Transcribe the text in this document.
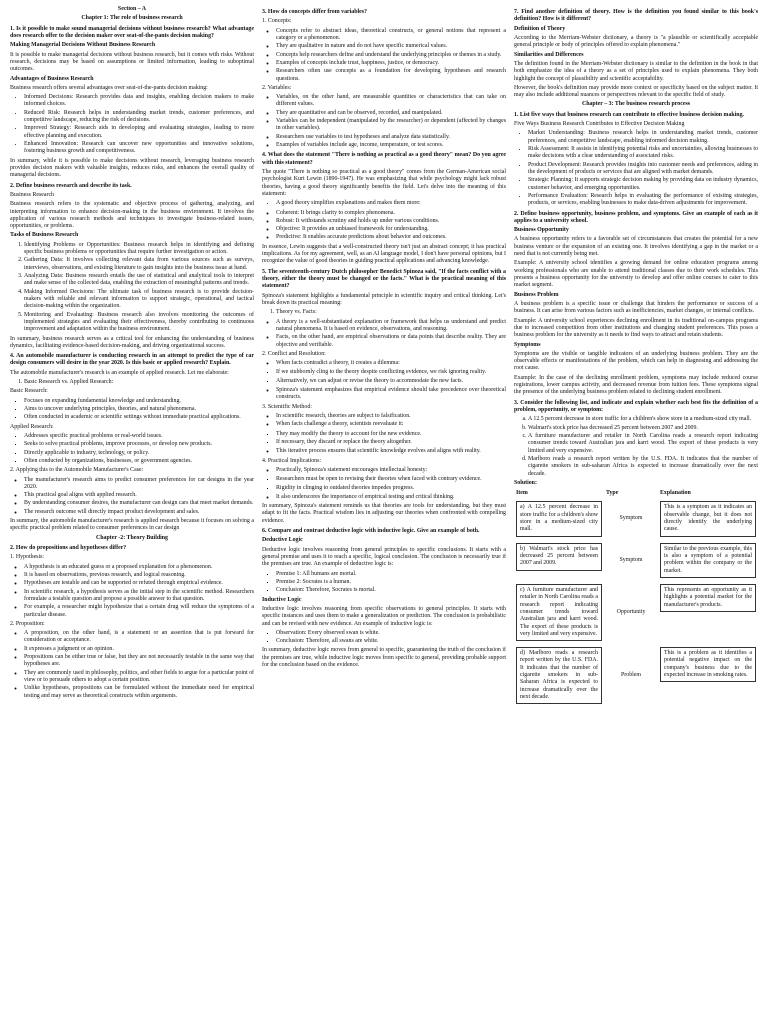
Section – A

Chapter 1: The role of business research

1. Is it possible to make sound managerial decisions without business research? What advantage does research offer to the decision maker over seat-of-the-pants decision making?

Making Managerial Decisions Without Business Research

It is possible to make managerial decisions without business research, but it comes with risks. Without research, decisions may be based on assumptions or limited information, leading to suboptimal outcomes.

Advantages of Business Research

Business research offers several advantages over seat-of-the-pants decision making:

• Informed Decisions: Research provides data and insights, enabling decision makers to make informed choices.
• Reduced Risk: Research helps in understanding market trends, customer preferences, and competitive landscape, reducing the risk of decisions.
• Improved Strategy: Research aids in developing and evaluating strategies, leading to more effective planning and execution.
• Enhanced Innovation: Research can uncover new opportunities and innovative solutions, fostering business growth and competitiveness.

In summary, while it is possible to make decisions without research, leveraging business research provides decision makers with valuable insights, reduces risks, and enhances the overall quality of managerial decisions.

2. Define business research and describe its task.

Business Research

Business research refers to the systematic and objective process of gathering, analyzing, and interpreting information to enhance decision-making in the business environment. It involves the application of various research methods and techniques to investigate business-related issues, opportunities, or problems.

Tasks of Business Research

1. Identifying Problems or Opportunities: Business research helps in identifying and defining specific business problems or opportunities that require further investigation or action.
2. Gathering Data: It involves collecting relevant data from various sources such as surveys, interviews, observations, and existing literature to gain insights into the business issue at hand.
3. Analyzing Data: Business research entails the use of statistical and analytical tools to interpret and make sense of the collected data, enabling the extraction of meaningful patterns and trends.
4. Making Informed Decisions: The ultimate task of business research is to provide decision-makers with reliable and relevant information to support strategic, operational, and tactical decision-making within the organization.
5. Monitoring and Evaluating: Business research also involves monitoring the outcomes of implemented strategies and evaluating their effectiveness, thereby contributing to continuous improvement and adaptation within the business environment.

In summary, business research serves as a critical tool for enhancing the understanding of business dynamics, facilitating evidence-based decision-making, and driving organizational success.

4. An automobile manufacturer is conducting research in an attempt to predict the type of car design consumers will desire in the year 2020. Is this basic or applied research? Explain.

The automobile manufacturer's research is an example of applied research. Let me elaborate:

1. Basic Research vs. Applied Research:

Basic Research:

▪ Focuses on expanding fundamental knowledge and understanding.
▪ Aims to uncover underlying principles, theories, and natural phenomena.
▪ Often conducted in academic or scientific settings without immediate practical applications.

Applied Research:

▪ Addresses specific practical problems or real-world issues.
▪ Seeks to solve practical problems, improve processes, or develop new products.
▪ Directly applicable to industry, technology, or policy.
▪ Often conducted by organizations, businesses, or government agencies.

2. Applying this to the Automobile Manufacturer's Case:

◦ The manufacturer's research aims to predict consumer preferences for car designs in the year 2020.
◦ This practical goal aligns with applied research.
◦ By understanding consumer desires, the manufacturer can design cars that meet market demands.
◦ The research outcome will directly impact product development and sales.

In summary, the automobile manufacturer's research is applied research because it focuses on solving a specific practical problem related to consumer preferences in car design

Chapter -2: Theory Building

2. How do propositions and hypotheses differ?

1. Hypothesis:

◦ A hypothesis is an educated guess or a proposed explanation for a phenomenon.
◦ It is based on observations, previous research, and logical reasoning.
◦ Hypotheses are testable and can be supported or refuted through empirical evidence.
◦ In scientific research, a hypothesis serves as the initial step in the scientific method. Researchers formulate a testable question and propose a possible answer to that question.
◦ For example, a researcher might hypothesize that a certain drug will reduce the symptoms of a particular disease.

2. Proposition:

◦ A proposition, on the other hand, is a statement or an assertion that is put forward for consideration or acceptance.
◦ It expresses a judgment or an opinion.
◦ Propositions can be either true or false, but they are not necessarily testable in the same way that hypotheses are.
◦ They are commonly used in philosophy, politics, and other fields to argue for a particular point of view or to persuade others to adopt a certain position.
◦ Unlike hypotheses, propositions can be formulated without the immediate need for empirical testing and may serve as theoretical constructs within arguments.

3. How do concepts differ from variables?

1. Concepts:

◦ Concepts refer to abstract ideas, theoretical constructs, or general notions that represent a category or a phenomenon.
◦ They are qualitative in nature and do not have specific numerical values.
◦ Concepts help researchers define and understand the underlying principles or themes in a study.
◦ Examples of concepts include trust, happiness, justice, or democracy.
◦ Researchers often use concepts as a foundation for developing hypotheses and research questions.

2. Variables:

◦ Variables, on the other hand, are measurable quantities or characteristics that can take on different values.
◦ They are quantitative and can be observed, recorded, and manipulated.
◦ Variables can be independent (manipulated by the researcher) or dependent (affected by changes in other variables).
◦ Researchers use variables to test hypotheses and analyze data statistically.
◦ Examples of variables include age, income, temperature, or test scores.

4. What does the statement "There is nothing as practical as a good theory" mean? Do you agree with this statement?

The quote "There is nothing so practical as a good theory" comes from the German-American social psychologist Kurt Lewin (1890-1947). He was emphasizing that while psychology might lack robust theories, having a good theory significantly benefits the field. Let's delve into the meaning of this statement:

• A good theory simplifies explanations and makes them more:
◦ Coherent: It brings clarity to complex phenomena.
◦ Robust: It withstands scrutiny and holds up under various conditions.
◦ Objective: It provides an unbiased framework for understanding.
◦ Predictive: It enables accurate predictions about behavior and outcomes.

In essence, Lewin suggests that a well-constructed theory isn't just an abstract concept; it has practical implications. As for my agreement, well, as an AI language model, I don't have personal opinions, but I recognize the value of good theories in guiding practical applications and advancing knowledge.

5. The seventeenth-century Dutch philosopher Benedict Spinoza said, "If the facts conflict with a theory, either the theory must be changed or the facts." What is the practical meaning of this statement?

Spinoza's statement highlights a fundamental principle in scientific inquiry and critical thinking. Let's break down its practical meaning:

1. Theory vs. Facts:
◦ A theory is a well-substantiated explanation or framework that helps us understand and predict natural phenomena. It is based on evidence, observations, and reasoning.
◦ Facts, on the other hand, are empirical observations or data points that describe reality. They are objective and verifiable.

2. Conflict and Resolution:

◦ When facts contradict a theory, it creates a dilemma:
▪ If we stubbornly cling to the theory despite conflicting evidence, we risk ignoring reality.
▪ Alternatively, we can adjust or revise the theory to accommodate the new facts.
◦ Spinoza's statement emphasizes that empirical evidence should take precedence over theoretical constructs.

3. Scientific Method:

◦ In scientific research, theories are subject to falsification.
◦ When facts challenge a theory, scientists reevaluate it:
▪ They may modify the theory to account for the new evidence.
▪ If necessary, they discard or replace the theory altogether.
◦ This iterative process ensures that scientific knowledge evolves and aligns with reality.

4. Practical Implications:

◦ Practically, Spinoza's statement encourages intellectual honesty:
▪ Researchers must be open to revising their theories when faced with contrary evidence.
▪ Rigidity in clinging to outdated theories impedes progress.
◦ It also underscores the importance of empirical testing and critical thinking.

In summary, Spinoza's statement reminds us that theories are tools for understanding, but they must adapt to fit the facts. Practical wisdom lies in adjusting our theories when confronted with compelling evidence.

6. Compare and contrast deductive logic with inductive logic. Give an example of both.

Deductive Logic

Deductive logic involves reasoning from general principles to specific conclusions. It starts with a general premise and uses it to reach a specific, logical conclusion. The conclusion is necessarily true if the premises are true. An example of deductive logic is:

▪ Premise 1: All humans are mortal.
▪ Premise 2: Socrates is a human.
▪ Conclusion: Therefore, Socrates is mortal.

Inductive Logic

Inductive logic involves reasoning from specific observations to general principles. It starts with specific instances and uses them to make a generalization or prediction. The conclusion is probabilistic and can be revised with new evidence. An example of inductive logic is:

▪ Observation: Every observed swan is white.
▪ Conclusion: Therefore, all swans are white.

In summary, deductive logic moves from general to specific, guaranteeing the truth of the conclusion if the premises are true, while inductive logic moves from specific to general, providing probable support for the conclusion based on the evidence.

7. Find another definition of theory. How is the definition you found similar to this book's definition? How is it different?

Definition of Theory

According to the Merriam-Webster dictionary, a theory is "a plausible or scientifically acceptable general principle or body of principles offered to explain phenomena."

Similarities and Differences

The definition found in the Merriam-Webster dictionary is similar to the definition in the book in that both emphasize the idea of a theory as a set of principles used to explain phenomena. They both highlight the concept of plausibility and scientific acceptability.

However, the book's definition may provide more context or specificity based on the subject matter. It may also include additional nuances or perspectives relevant to the specific field of study.

Chapter – 3: The business research process

1. List five ways that business research can contribute to effective business decision making.

Five Ways Business Research Contributes to Effective Decision Making

• Market Understanding: Business research helps in understanding market trends, customer preferences, and competitive landscape, enabling informed decision making.
• Risk Assessment: It assists in identifying potential risks and uncertainties, allowing businesses to make decisions with a clear understanding of associated risks.
• Product Development: Research provides insights into customer needs and preferences, aiding in the development of products or services that are aligned with market demands.
• Strategic Planning: It supports strategic decision making by providing data on industry dynamics, customer behavior, and emerging opportunities.
• Performance Evaluation: Research helps in evaluating the performance of existing strategies, products, or services, enabling businesses to make data-driven adjustments for improvement.

2. Define business opportunity, business problem, and symptoms. Give an example of each as it applies to a university school.

Business Opportunity

A business opportunity refers to a favorable set of circumstances that creates the potential for a new business venture or the expansion of an existing one. It involves identifying a gap in the market or a need that is not currently being met.

Example: A university school identifies a growing demand for online education programs among working professionals who are unable to attend traditional classes due to their work schedules. This presents a business opportunity for the university to develop and offer online courses to cater to this market segment.

Business Problem

A business problem is a specific issue or challenge that hinders the performance or success of a business. It can arise from various factors such as inefficiencies, market changes, or internal conflicts.

Example: A university school experiences declining enrollment in its traditional on-campus programs due to increased competition from other institutions and changing student preferences. This poses a business problem for the university as it needs to find ways to attract and retain students.

Symptoms

Symptoms are the visible or tangible indicators of an underlying business problem. They are the observable effects or manifestations of the problem, which can help in diagnosing and addressing the root cause.

Example: In the case of the declining enrollment problem, symptoms may include reduced course registrations, lower campus activity, and decreased revenue from tuition fees. These symptoms signal the presence of the underlying business problem related to declining student enrollment.

3. Consider the following list, and indicate and explain whether each best fits the definition of a problem, opportunity, or symptom:

a. A 12.5 percent decrease in store traffic for a children's show store in a medium-sized city mall.
b. Walmart's stock price has decreased 25 percent between 2007 and 2009.
c. A furniture manufacturer and retailer in North Carolina reads a research report indicating consumer trends toward Australian jara and karri wood. The export of these products is very limited and very expensive.
d. Marlboro reads a research report written by the U.S. FDA. It indicates that the number of cigarette smokers in sub-saharan Africa is expected to increase dramatically over the next decade.

Solution:

Item	Type	Explanation

a) A 12.5 percent decrease in store traffic for a children's show store in a medium-sized city mall.	Symptom	This is a symptom as it indicates an observable change, but it does not directly identify the underlying cause.

b) Walmart's stock price has decreased 25 percent between 2007 and 2009.	Symptom	Similar to the previous example, this is also a symptom of a potential problem within the company or the market.

c) A furniture manufacturer and retailer in North Carolina reads a research report indicating consumer trends toward Australian jara and karri wood. The export of these products is very limited and very expensive.	Opportunity	This represents an opportunity as it highlights a potential market for the manufacturer's products.

d) Marlboro reads a research report written by the U.S. FDA. It indicates that the number of cigarette smokers in sub-Saharan Africa is expected to increase dramatically over the next decade.	Problem	This is a problem as it identifies a potential negative impact on the company's business due to the expected increase in smoking rates.
